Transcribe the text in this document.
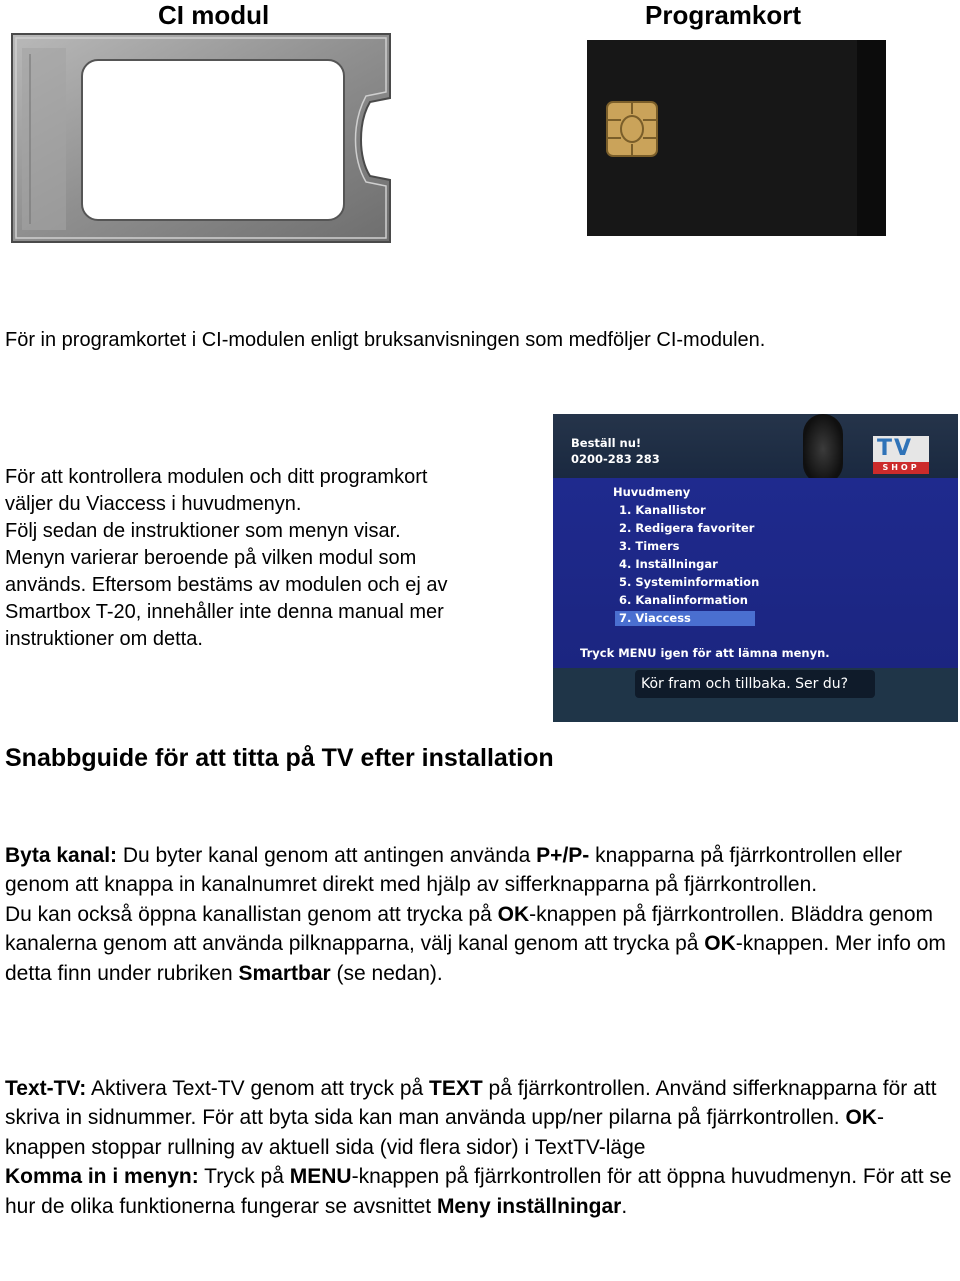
CI modul	Programkort
För in programkortet i CI-modulen enligt bruksanvisningen som medföljer CI-modulen.
För att kontrollera modulen och ditt programkort
väljer du Viaccess i huvudmenyn.
Följ sedan de instruktioner som menyn visar.
Menyn varierar beroende på vilken modul som
används. Eftersom bestäms av modulen och ej av
Smartbox T-20, innehåller inte denna manual mer
instruktioner om detta.
TV
SHOP
Beställ nu!
0200-283 283
Huvudmeny
1. Kanallistor
2. Redigera favoriter
3. Timers
4. Inställningar
5. Systeminformation
6. Kanalinformation
7. Viaccess
Tryck MENU igen för att lämna menyn.
Kör fram och tillbaka. Ser du?
Snabbguide för att titta på TV efter installation
Byta kanal: Du byter kanal genom att antingen använda P+/P- knapparna på fjärrkontrollen eller genom att knappa in kanalnumret direkt med hjälp av sifferknapparna på fjärrkontrollen.
Du kan också öppna kanallistan genom att trycka på OK-knappen på fjärrkontrollen. Bläddra genom kanalerna genom att använda pilknapparna, välj kanal genom att trycka på OK-knappen. Mer info om detta finn under rubriken Smartbar (se nedan).
Text-TV: Aktivera Text-TV genom att tryck på TEXT på fjärrkontrollen. Använd sifferknapparna för att skriva in sidnummer. För att byta sida kan man använda upp/ner pilarna på fjärrkontrollen. OK-knappen stoppar rullning av aktuell sida (vid flera sidor) i TextTV-läge
Komma in i menyn: Tryck på MENU-knappen på fjärrkontrollen för att öppna huvudmenyn. För att se hur de olika funktionerna fungerar se avsnittet Meny inställningar.
